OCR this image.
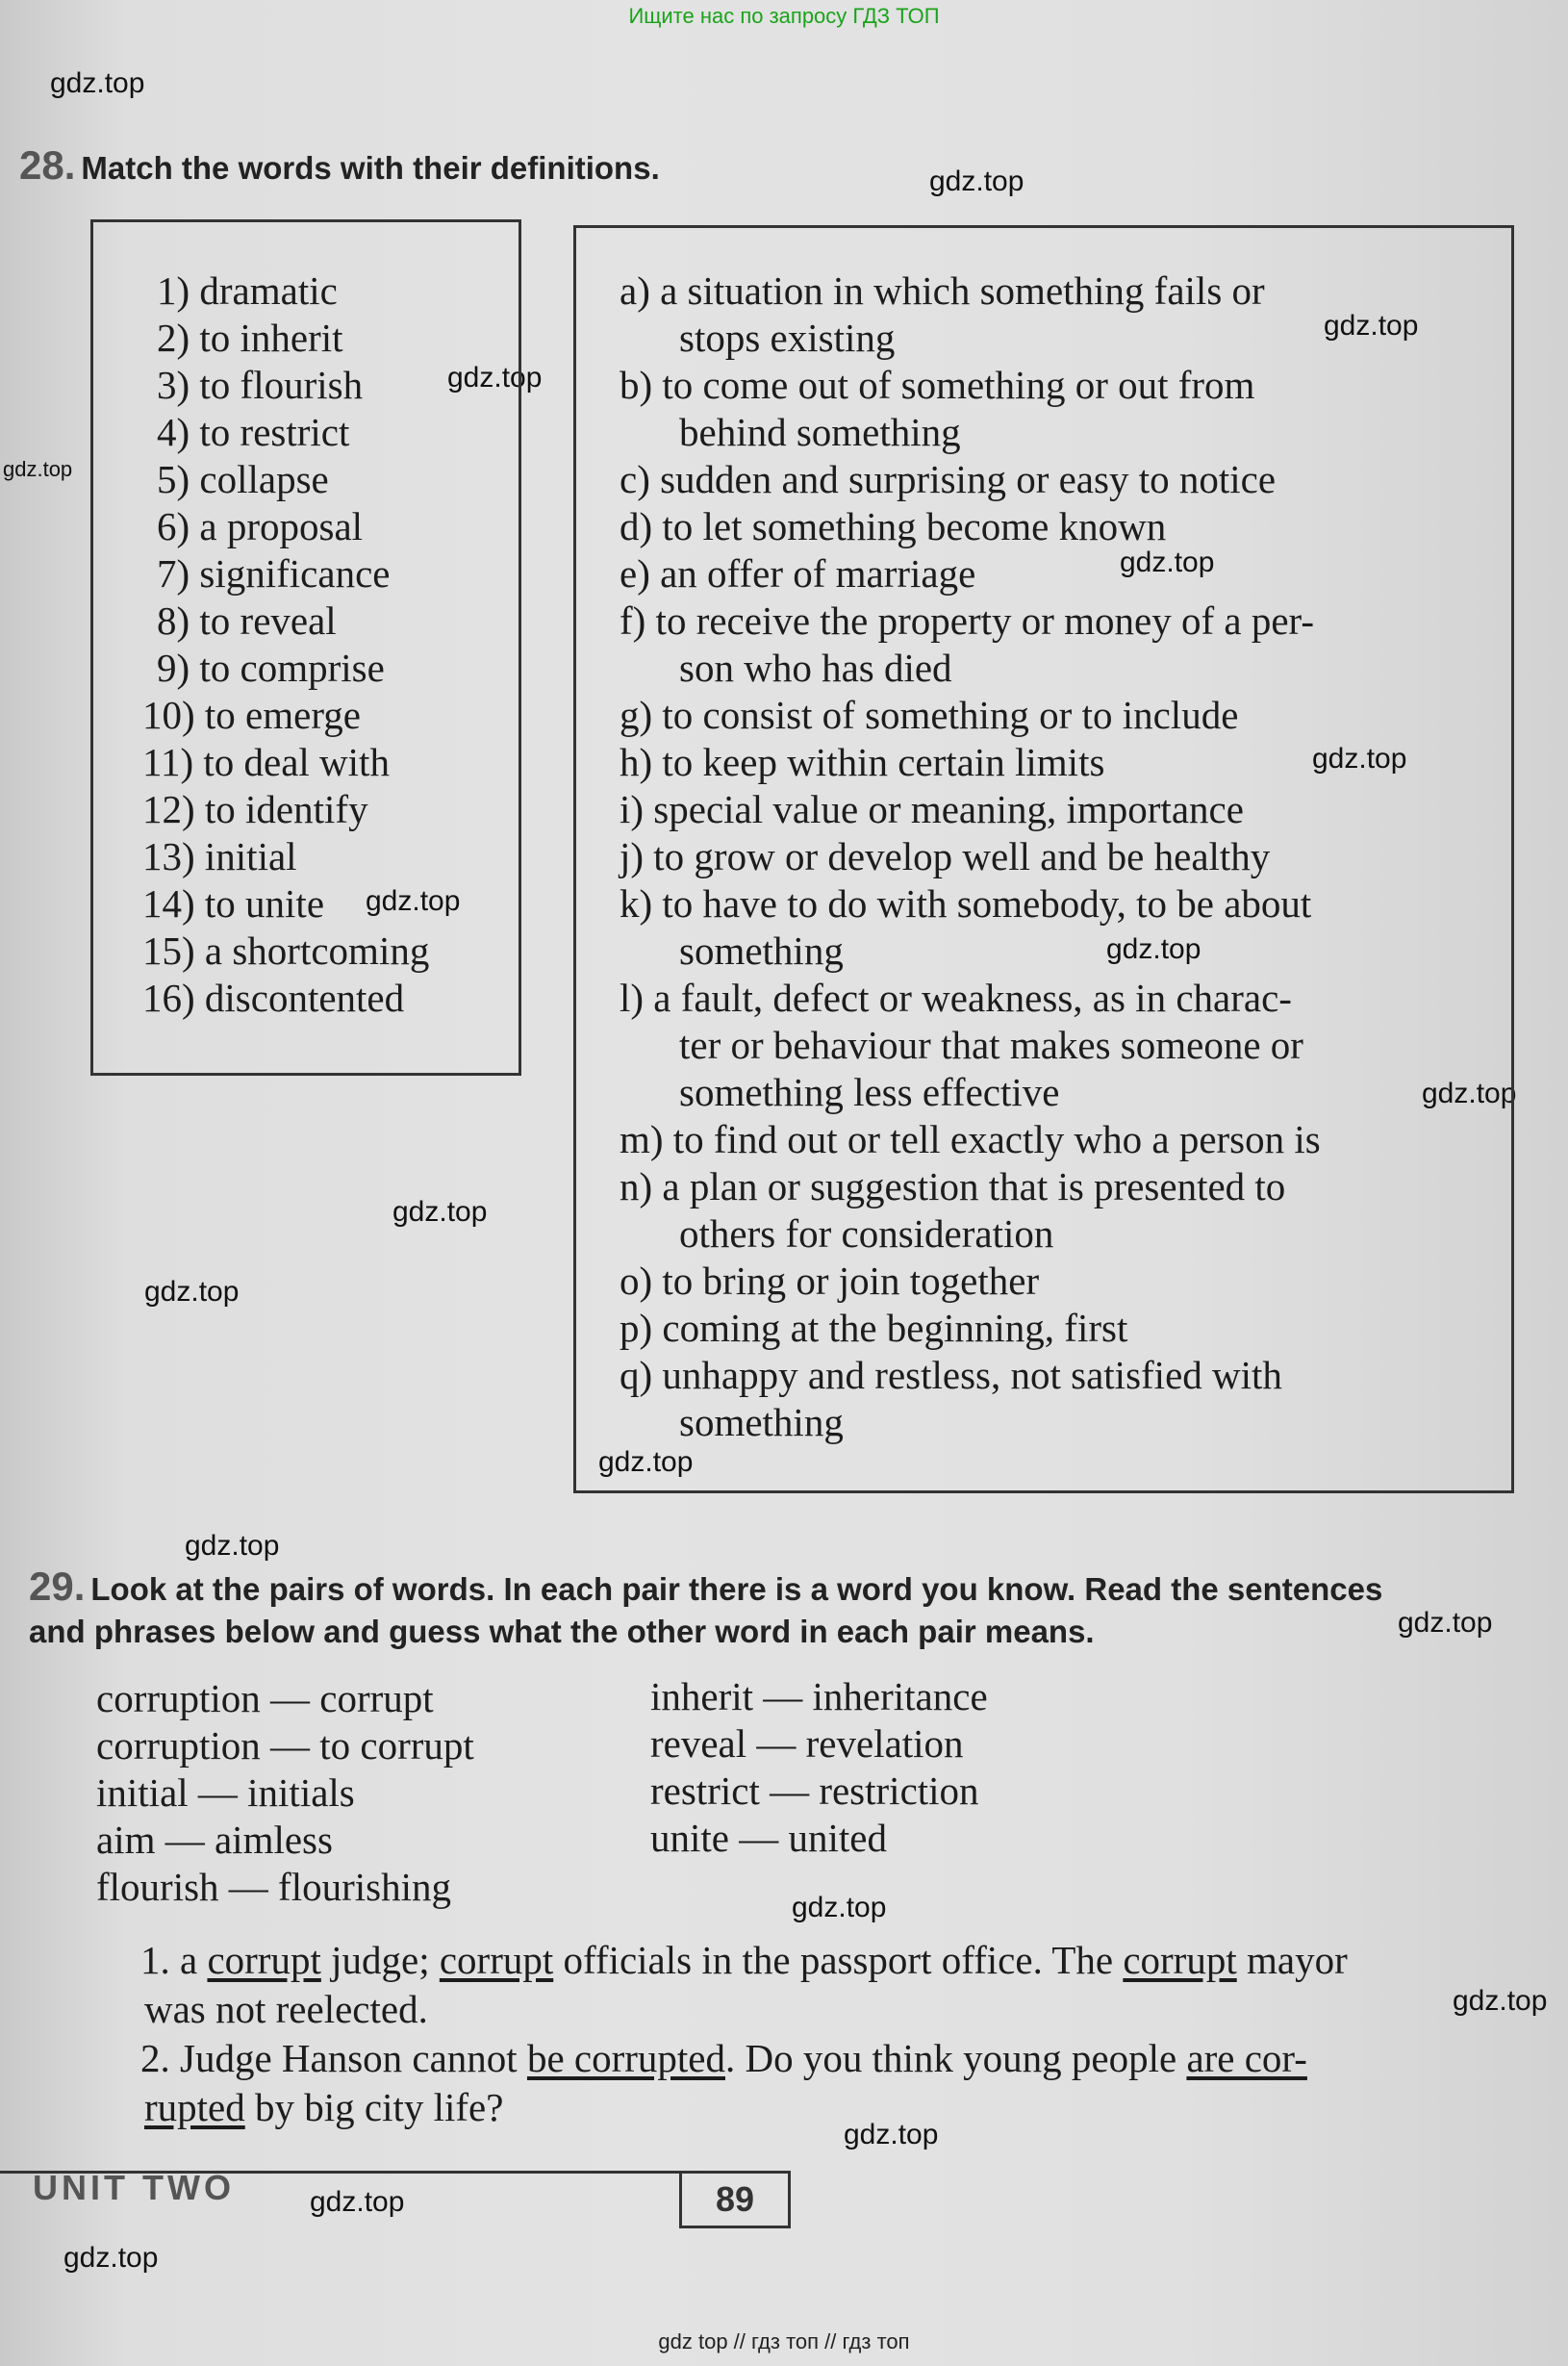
Ищите нас по запросу ГДЗ ТОП
gdz.top
gdz.top
gdz.top
gdz.top
gdz.top
gdz.top
gdz.top
gdz.top
gdz.top
gdz.top
gdz.top
gdz.top
gdz.top
gdz.top
gdz.top
gdz.top
gdz.top
gdz.top
gdz.top
gdz.top
28. Match the words with their definitions.
1) dramatic
2) to inherit
3) to flourish
4) to restrict
5) collapse
6) a proposal
7) significance
8) to reveal
9) to comprise
10) to emerge
11) to deal with
12) to identify
13) initial
14) to unite
15) a shortcoming
16) discontented
a) a situation in which something fails or
stops existing
b) to come out of something or out from
behind something
c) sudden and surprising or easy to notice
d) to let something become known
e) an offer of marriage
f) to receive the property or money of a per-
son who has died
g) to consist of something or to include
h) to keep within certain limits
i) special value or meaning, importance
j) to grow or develop well and be healthy
k) to have to do with somebody, to be about
something
l) a fault, defect or weakness, as in charac-
ter or behaviour that makes someone or
something less effective
m) to find out or tell exactly who a person is
n) a plan or suggestion that is presented to
others for consideration
o) to bring or join together
p) coming at the beginning, first
q) unhappy and restless, not satisfied with
something
29. Look at the pairs of words. In each pair there is a word you know. Read the sentences
and phrases below and guess what the other word in each pair means.
corruption — corrupt
corruption — to corrupt
initial — initials
aim — aimless
flourish — flourishing
inherit — inheritance
reveal — revelation
restrict — restriction
unite — united
1. a corrupt judge; corrupt officials in the passport office. The corrupt mayor
was not reelected.
2. Judge Hanson cannot be corrupted. Do you think young people are cor-
rupted by big city life?
UNIT TWO	89
gdz top // гдз топ // гдз топ
